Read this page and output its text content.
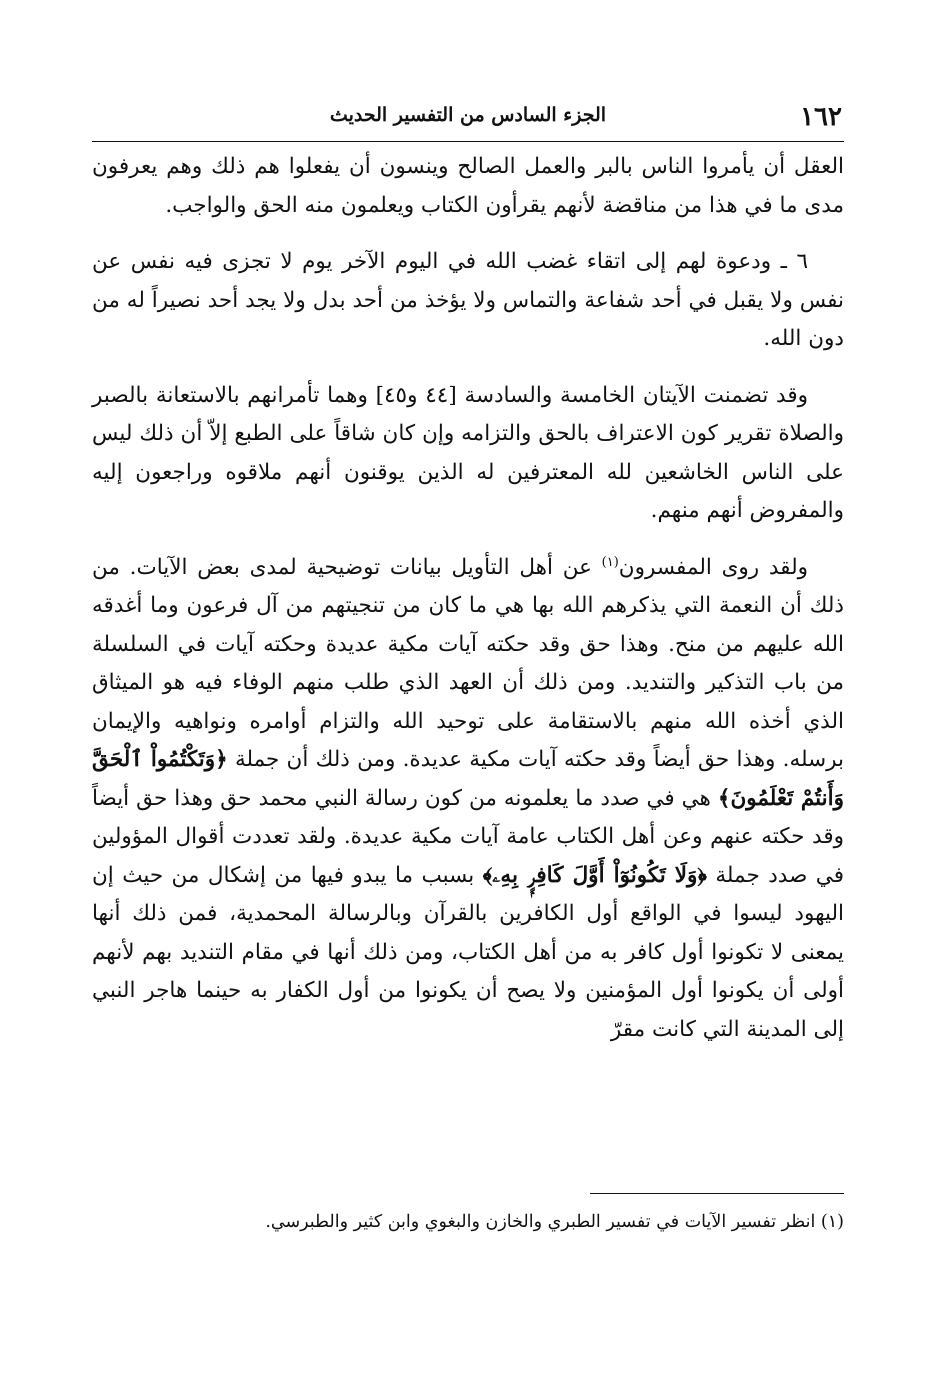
١٦٢
الجزء السادس من التفسير الحديث

العقل أن يأمروا الناس بالبر والعمل الصالح وينسون أن يفعلوا هم ذلك وهم يعرفون مدى ما في هذا من مناقضة لأنهم يقرأون الكتاب ويعلمون منه الحق والواجب.

٦ ـ ودعوة لهم إلى اتقاء غضب الله في اليوم الآخر يوم لا تجزى فيه نفس عن نفس ولا يقبل في أحد شفاعة والتماس ولا يؤخذ من أحد بدل ولا يجد أحد نصيراً له من دون الله.

وقد تضمنت الآيتان الخامسة والسادسة [٤٤ و٤٥] وهما تأمرانهم بالاستعانة بالصبر والصلاة تقرير كون الاعتراف بالحق والتزامه وإن كان شاقاً على الطبع إلاّ أن ذلك ليس على الناس الخاشعين لله المعترفين له الذين يوقنون أنهم ملاقوه وراجعون إليه والمفروض أنهم منهم.

ولقد روى المفسرون$^{(١)}$ عن أهل التأويل بيانات توضيحية لمدى بعض الآيات. من ذلك أن النعمة التي يذكرهم الله بها هي ما كان من تنجيتهم من آل فرعون وما أغدقه الله عليهم من منح. وهذا حق وقد حكته آيات مكية عديدة وحكته آيات في السلسلة من باب التذكير والتنديد. ومن ذلك أن العهد الذي طلب منهم الوفاء فيه هو الميثاق الذي أخذه الله منهم بالاستقامة على توحيد الله والتزام أوامره ونواهيه والإيمان برسله. وهذا حق أيضاً وقد حكته آيات مكية عديدة. ومن ذلك أن جملة ﴿وَتَكْتُمُواْ ٱلْحَقَّ وَأَنتُمْ تَعْلَمُونَ﴾ هي في صدد ما يعلمونه من كون رسالة النبي محمد حق وهذا حق أيضاً وقد حكته عنهم وعن أهل الكتاب عامة آيات مكية عديدة. ولقد تعددت أقوال المؤولين في صدد جملة ﴿وَلَا تَكُونُوٓاْ أَوَّلَ كَافِرٍۭ بِهِۦ﴾ بسبب ما يبدو فيها من إشكال من حيث إن اليهود ليسوا في الواقع أول الكافرين بالقرآن وبالرسالة المحمدية، فمن ذلك أنها يمعنى لا تكونوا أول كافر به من أهل الكتاب، ومن ذلك أنها في مقام التنديد بهم لأنهم أولى أن يكونوا أول المؤمنين ولا يصح أن يكونوا من أول الكفار به حينما هاجر النبي إلى المدينة التي كانت مقرّ

(١) انظر تفسير الآيات في تفسير الطبري والخازن والبغوي وابن كثير والطبرسي.
